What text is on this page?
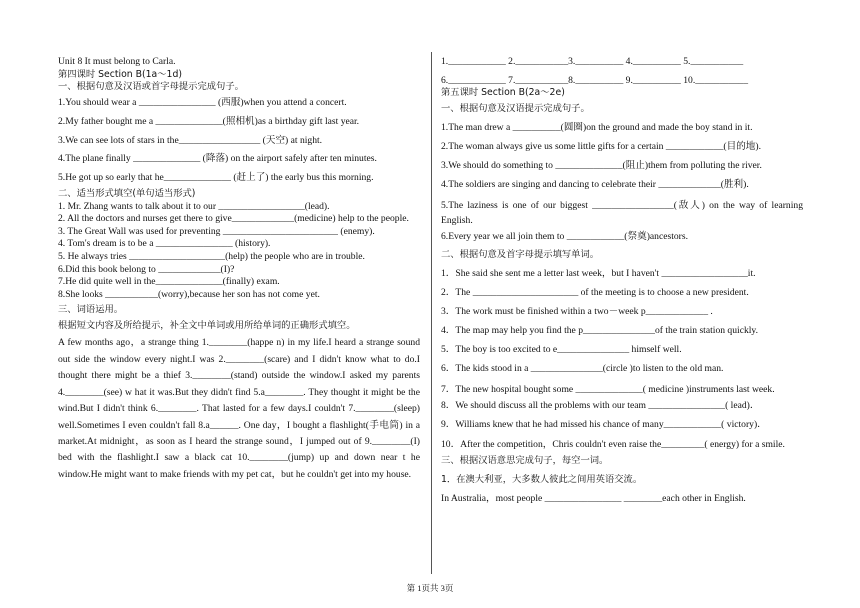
Unit 8 It must belong to Carla.

第四课时 Section B(1a～1d)

一、根据句意及汉语或首字母提示完成句子。

1.You should wear a ________________ (西服)when you attend a concert.

2.My father bought me a ______________(照相机)as a birthday gift last year.

3.We can see lots of stars in the_________________ (天空) at night.

4.The plane finally ______________ (降落) on the airport safely after ten minutes.

5.He got up so early that he______________ (赶上了) the early bus this morning.

二、适当形式填空(单句适当形式)

1. Mr. Zhang wants to talk about it to our __________________(lead).

2. All the doctors and nurses get there to give_____________(medicine) help to the people.

3. The Great Wall was used for preventing ________________________ (enemy).

4. Tom's dream is to be a ________________ (history).

5. He always tries ____________________(help) the people who are in trouble.

6.Did this book belong to _____________(I)?

7.He did quite well in the______________(finally) exam.

8.She looks ___________(worry),because her son has not come yet.

三、词语运用。

根据短文内容及所给提示，补全文中单词或用所给单词的正确形式填空。

A few months ago，a strange thing 1.________(happe n) in my life.I heard a strange sound out side the window every night.I was 2.________(scare) and I didn't know what to do.I thought there might be a thief 3.________(stand) outside the window.I asked my parents 4.________(see) w hat it was.But they didn't find 5.a________. They thought it might be the wind.But I didn't think 6.________. That lasted for a few days.I couldn't 7.________(sleep) well.Sometimes I even couldn't fall 8.a______. One day，I bought a flashlight(手电筒) in a market.At midnight，as soon as I heard the strange sound，I jumped out of 9.________(I) bed with the flashlight.I saw a black cat 10.________(jump) up and down near t he window.He might want to make friends with my pet cat，but he couldn't get into my house.

1.____________ 2.___________3.__________ 4.__________ 5.___________

6.____________ 7.___________8.__________ 9.__________ 10.___________

第五课时 Section B(2a～2e)

一、根据句意及汉语提示完成句子。

1.The man drew a __________(圆圈)on the ground and made the boy stand in it.

2.The woman always give us some little gifts for a certain ____________(目的地).

3.We should do something to ______________(阻止)them from polluting the river.

4.The soldiers are singing and dancing to celebrate their _____________(胜利).

5.The laziness is one of our biggest _________________(敌人) on the way of learning English.

6.Every year we all join them to ____________(祭奠)ancestors.

二、根据句意及首字母提示填写单词。

1．She said she sent me a letter last week，but I haven't __________________it.

2．The ______________________ of the meeting is to choose a new president.

3．The work must be finished within a two－week p_____________ .

4．The map may help you find the p_______________of the train station quickly.

5．The boy is too excited to e_______________ himself well.

6．The kids stood in a _______________(circle )to listen to the old man.

7．The new hospital bought some ______________( medicine )instruments last week.

8．We should discuss all the problems with our team ________________( lead)．

9．Williams knew that he had missed his chance of many____________( victory)．

10．After the competition，Chris couldn't even raise the_________( energy) for a smile.

三、根据汉语意思完成句子，每空一词。

1．在澳大利亚，大多数人彼此之间用英语交流。

In Australia，most people ________________ ________each other in English.

第 1页共 3页
